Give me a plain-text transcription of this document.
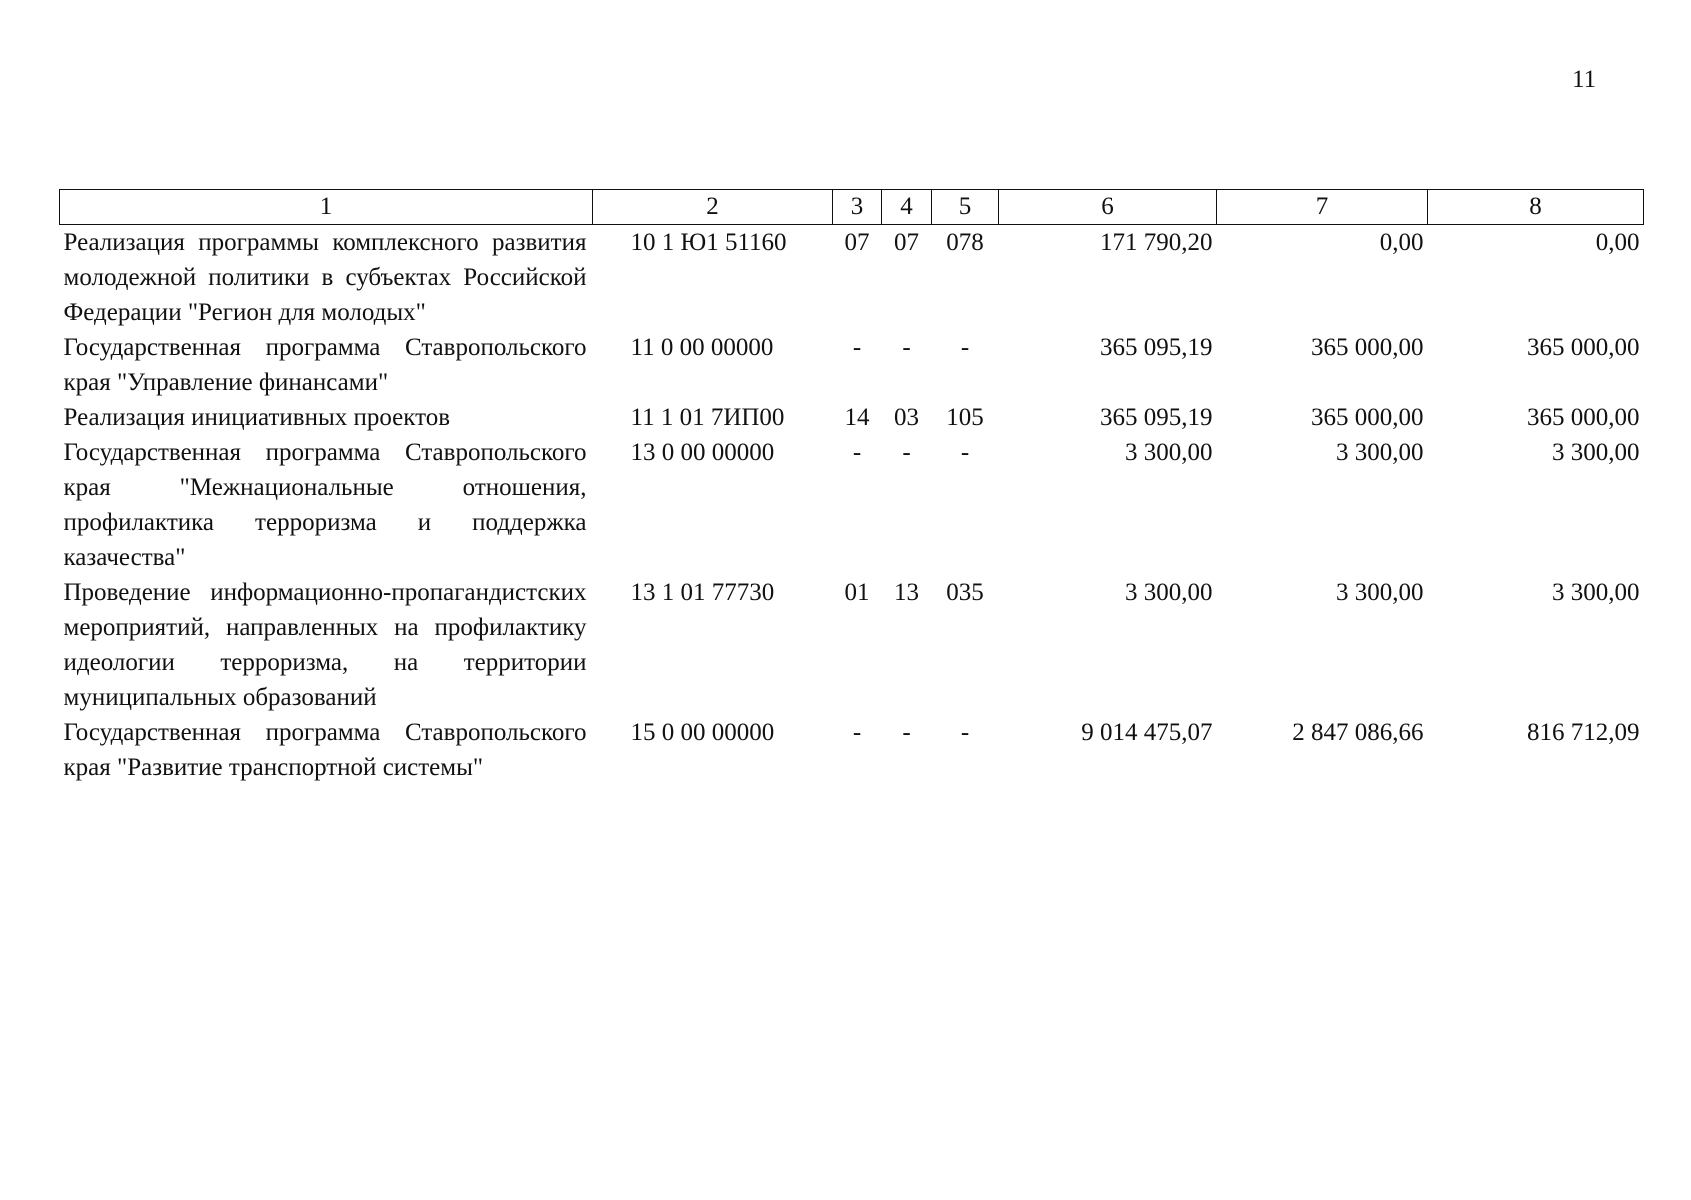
11
1	2	3	4	5	6	7	8
Реализация программы комплексного развития молодежной политики в субъектах Российской Федерации "Регион для молодых"	10 1 Ю1 51160	07	07	078	171 790,20	0,00	0,00
Государственная программа Ставропольского края "Управление финансами"	11 0 00 00000	-	-	-	365 095,19	365 000,00	365 000,00
Реализация инициативных проектов	11 1 01 7ИП00	14	03	105	365 095,19	365 000,00	365 000,00
Государственная программа Ставропольского края "Межнациональные отношения, профилактика терроризма и поддержка казачества"	13 0 00 00000	-	-	-	3 300,00	3 300,00	3 300,00
Проведение информационно-пропагандистских мероприятий, направленных на профилактику идеологии терроризма, на территории муниципальных образований	13 1 01 77730	01	13	035	3 300,00	3 300,00	3 300,00
Государственная программа Ставропольского края "Развитие транспортной системы"	15 0 00 00000	-	-	-	9 014 475,07	2 847 086,66	816 712,09
